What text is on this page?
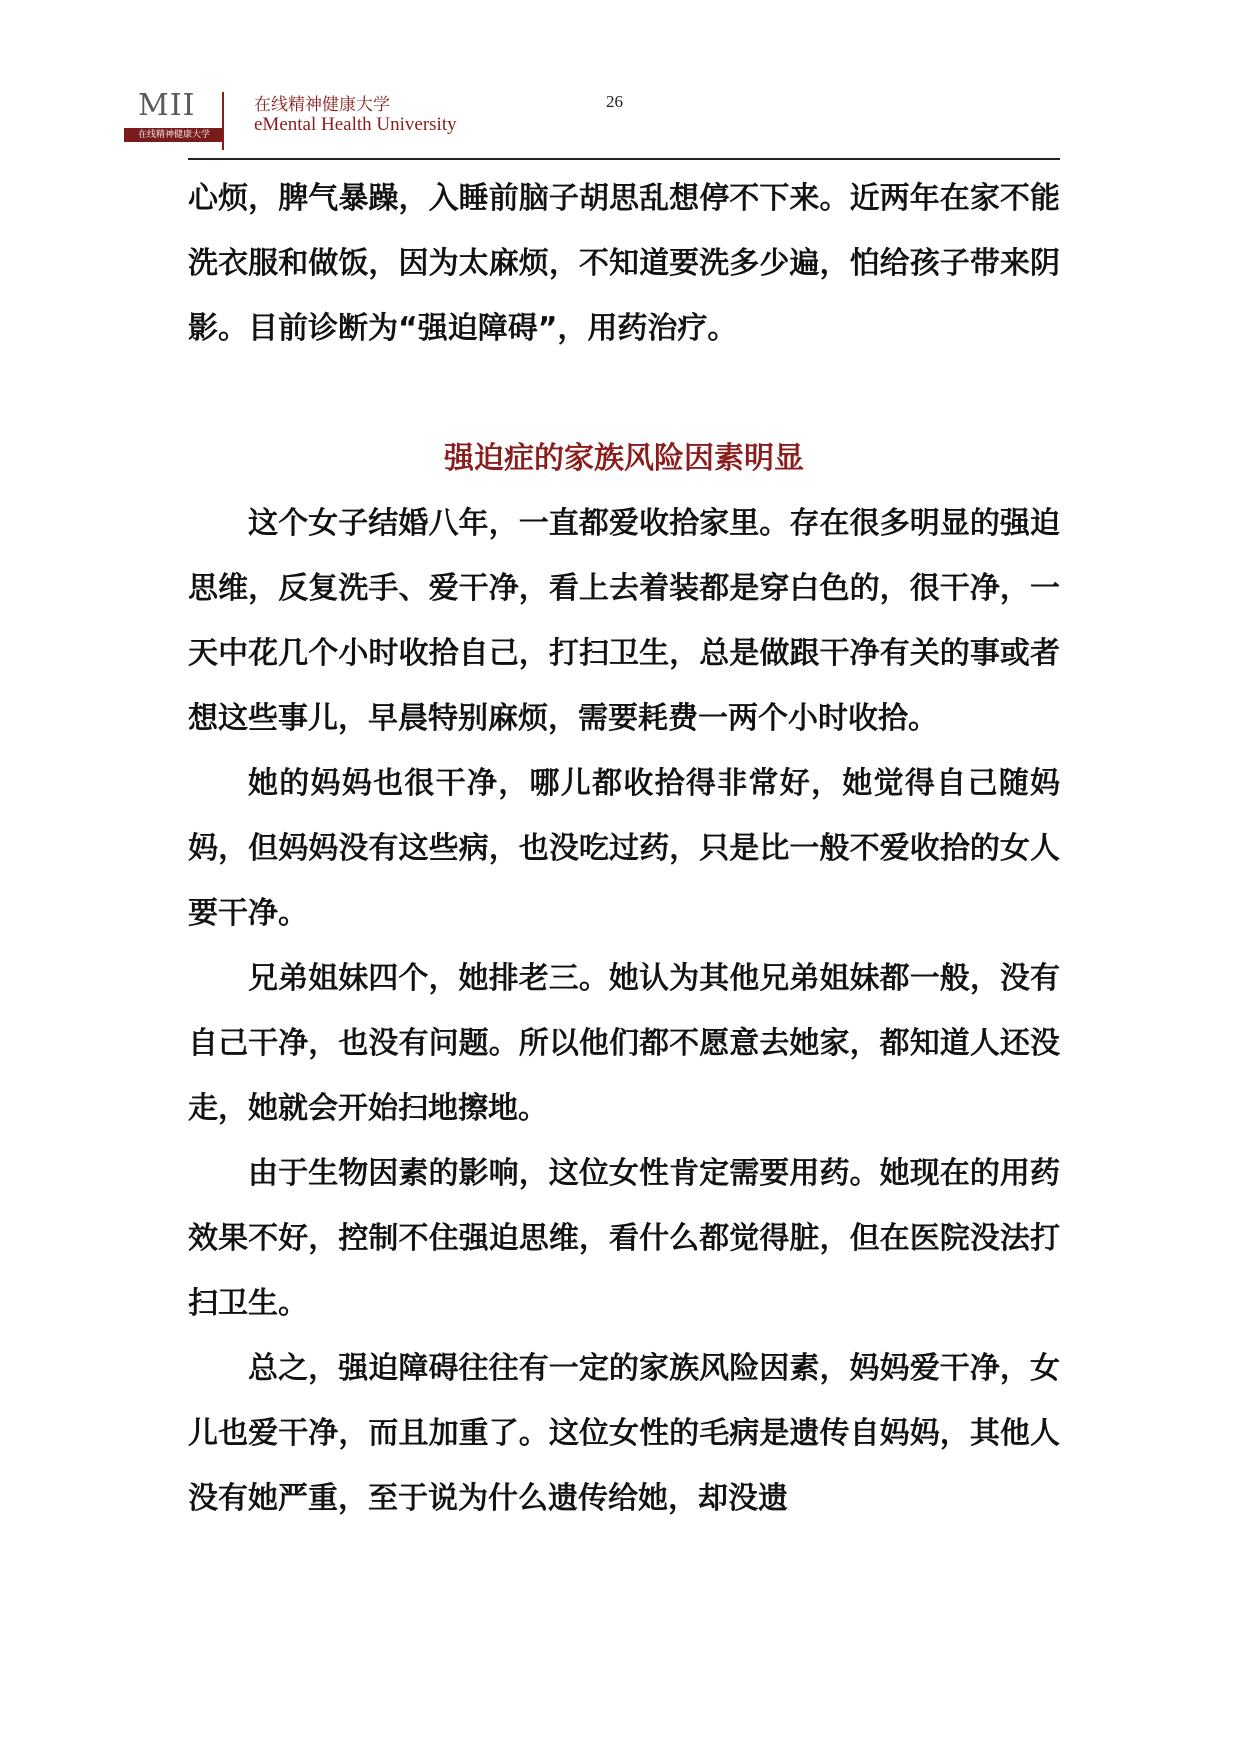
MII
在线精神健康大学
在线精神健康大学
eMental Health University
26

心烦，脾气暴躁，入睡前脑子胡思乱想停不下来。近两年在家不能洗衣服和做饭，因为太麻烦，不知道要洗多少遍，怕给孩子带来阴影。目前诊断为“强迫障碍”，用药治疗。

强迫症的家族风险因素明显

这个女子结婚八年，一直都爱收拾家里。存在很多明显的强迫思维，反复洗手、爱干净，看上去着装都是穿白色的，很干净，一天中花几个小时收拾自己，打扫卫生，总是做跟干净有关的事或者想这些事儿，早晨特别麻烦，需要耗费一两个小时收拾。

她的妈妈也很干净，哪儿都收拾得非常好，她觉得自己随妈妈，但妈妈没有这些病，也没吃过药，只是比一般不爱收拾的女人要干净。

兄弟姐妹四个，她排老三。她认为其他兄弟姐妹都一般，没有自己干净，也没有问题。所以他们都不愿意去她家，都知道人还没走，她就会开始扫地擦地。

由于生物因素的影响，这位女性肯定需要用药。她现在的用药效果不好，控制不住强迫思维，看什么都觉得脏，但在医院没法打扫卫生。

总之，强迫障碍往往有一定的家族风险因素，妈妈爱干净，女儿也爱干净，而且加重了。这位女性的毛病是遗传自妈妈，其他人没有她严重，至于说为什么遗传给她，却没遗
